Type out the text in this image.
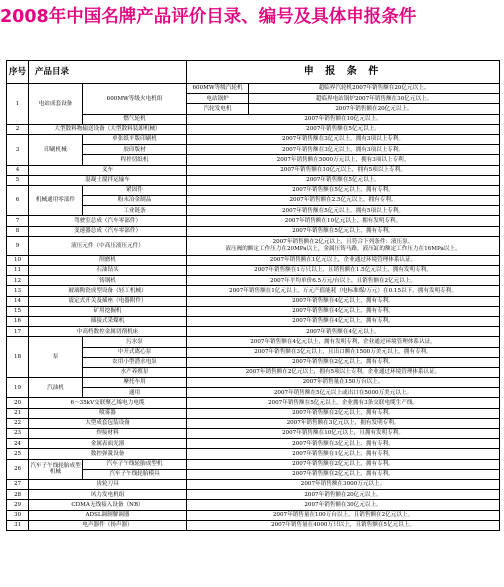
2008年中国名牌产品评价目录、编号及具体申报条件
序号	产品目录		申 报 条 件	
1	电站成套设备	600MW等级火电机组	600MW等级汽轮机	超临界汽轮机2007年销售额在20亿元以上。
			电站锅炉	超临界电站锅炉2007年销售额在30亿元以上。
			汽轮发电机	2007年销售额在20亿元以上。
		燃气轮机	2007年销售额在10亿元以上。	
2	大型散料物输送设备（大型散料装卸机械）		2007年销售额在5亿元以上。	
3	印刷机械	单张纸平版印刷机	2007年销售额在3亿元以上，拥有3项以上专利。	
		胶印版材	2007年销售额在3亿元以上，拥有3项以上专利。	
		程控切纸机	2007年销售额在5000万元以上，拥有3项以上专利。	
4	叉车		2007年销售额在10亿元以上，拥有5项以上专利。	
5	混凝土搅拌运输车		2007年销售额在5亿元以上。	
6	机械通用零部件	紧固件	2007年销售额在5亿元以上，拥有专利。	
		粉末冶金制品	2007年销售额在2.5亿元以上，拥有专利。	
		工业链条	2007年销售额在5亿元以上，拥有5项以上专利。	
7	驾驶室总成（汽车零部件）		2007年销售额在10亿元以上，拥有发明专利。	
8	变速器总成（汽车零部件）		2007年销售额在5亿元以上，拥有专利。	
9	液压元件（中高压液压元件）		2007年销售额在2亿元以上，且符合下列条件：液压泵、
液压阀的额定工作压力在20MPa以上，金属压铸马路，液压缸的额定工作压力在16MPa以上。	

10	削磨机		2007年销售额在1亿元以上，企业通过环境管理体系认证。	
11	石油钻头		2007年销售额在1万只以上，且销售额在1.5亿元以上，拥有发明专利。	
12	铸钢机		2007年平均单价6.5万元/台以上，且销售额在2亿元以上。	
13	玻璃陶瓷成型设备（轻工机械）		2007年销售额在1亿元以上，万元产值能耗（电标准煤/万元）在0.15以下，拥有发明专利。	
14	震定式开关及插座（电器附件）		2007年销售额在4亿元以上，拥有专利。	
15	矿用挖掘机		2007年销售额在4亿元以上，拥有专利。	
16	插接式采煤机		2007年销售额在4亿元以上，拥有专利。	
17	中高档数控金属切削机床		2007年销售额在4亿元以上。	
18	泵	污水泵	2007年销售额在4亿元以上，拥有发明专利，企业通过环境管理体系认证。	
		中开式离心泵	2007年销售额在3亿元以上，且出口额在1500万美元以上，拥有专利。	
		农用小型潜水电泵	2007年销售额在2亿元以上，拥有专利。	
		水产养殖泵	2007年销售额在2亿元以上，拥有5项以上专利，企业通过环境管理体系认证。	
19	汽油机	摩托车用	2007年销售量在150万台以上。	
		通用	2007年销售额在5亿元以上或出口在5000万美元以上。	
20	6～35kV交联聚乙烯电力电缆		2007年销售额在5亿元以上，企业拥有3条交联电缆生产线。	
21	喷雾器		2007年销售额在2亿元以上，拥有专利。	
22	大型成套包装设备		2007年销售额在3亿元以上，拥有发明专利。	
23	焊接材料		2007年销售额在10亿元以上，且拥有发明专利。	
24	金属表面光器		2007年销售额在3亿元以上，拥有专利。	
25	数控弹簧设备		2007年销售额在1亿元以上，拥有专利。	
26	汽车子午线轮胎成型机械	汽车子午线轮胎成型机	2007年销售额在2亿元以上，拥有专利。	
		汽车子午线轮胎模具	2007年销售额在2亿元以上，拥有专利。	
27	齿轮刀具		2007年销售额在3000万元以上。	
28	风力发电机组		2007年销售额在20亿元以上。	
29	CDMA无线接入设备（NB）		2007年销售额在30亿元以上。	
30	ADSL调制解调器		2007年销售量在100万台以上，且销售额在2亿元以上。	
31	电声器件（扬声器）		2007年销售量在4000万只以上，且销售额在5亿元以上。	
